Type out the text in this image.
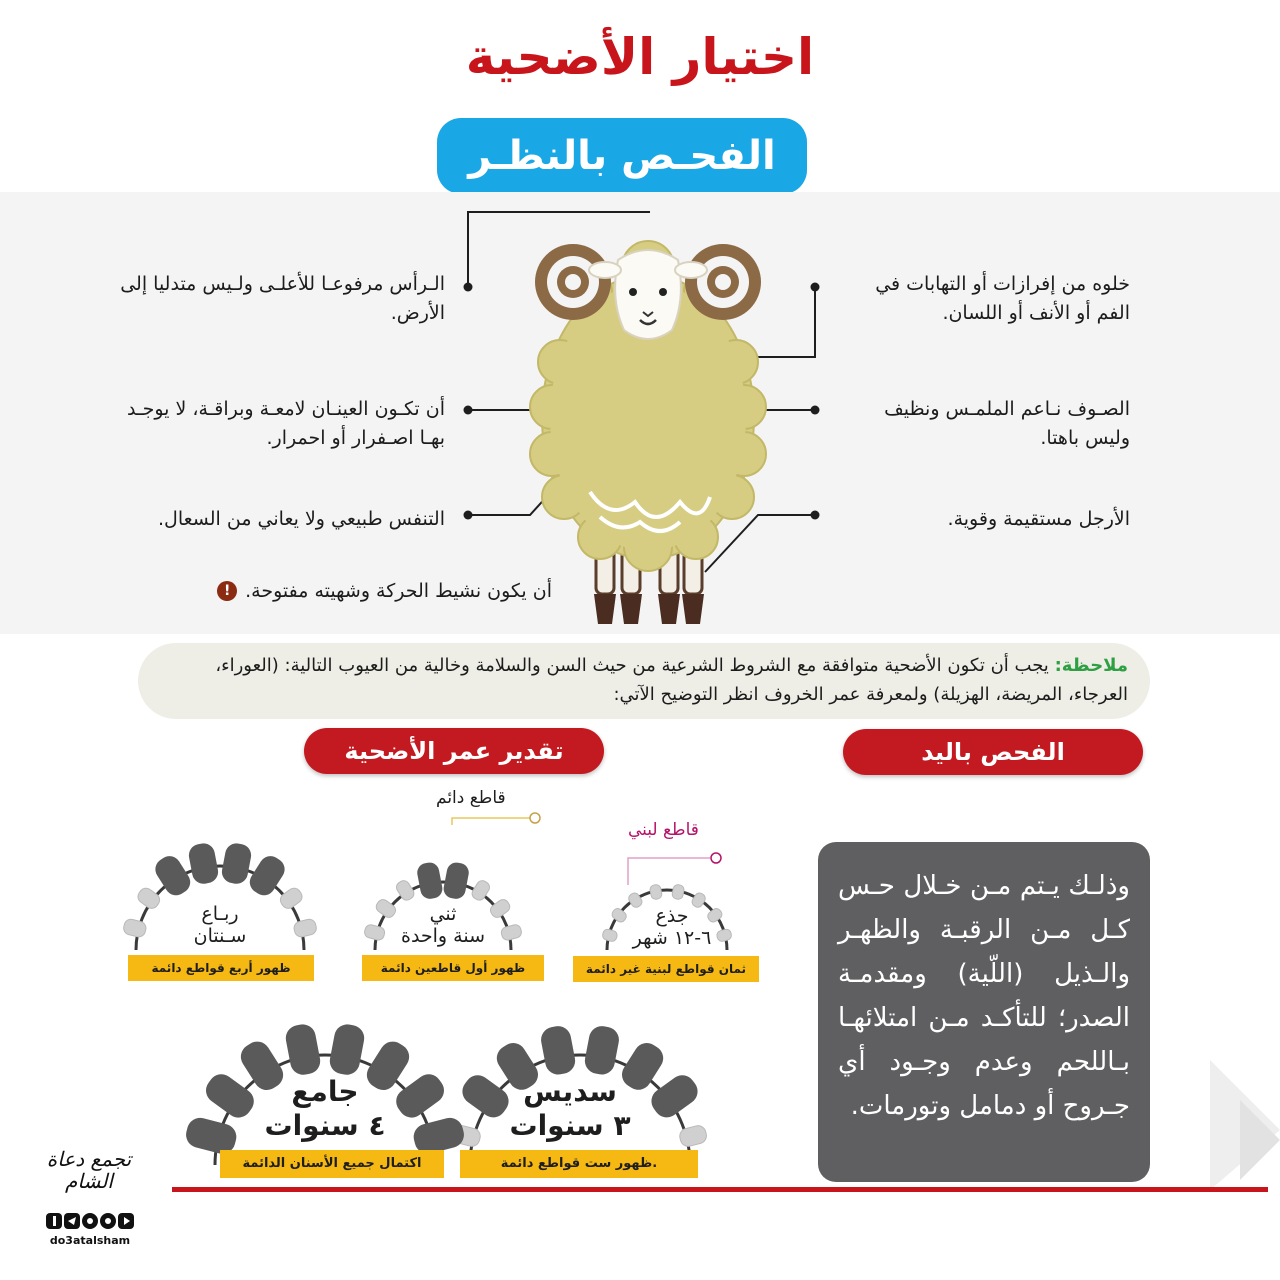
اختيار الأضحية
الفحـص بالنظـر
خلوه من إفرازات أو التهابات في الفم أو الأنف أو اللسان.
الصـوف نـاعم الملمـس ونظيف وليس باهتا.
الأرجل مستقيمة وقوية.
الـرأس مرفوعـا للأعلـى ولـيس متدليا إلى الأرض.
أن تكـون العينـان لامعـة وبراقـة، لا يوجـد بهـا اصـفرار أو احمرار.
التنفس طبيعي ولا يعاني من السعال.
! أن يكون نشيط الحركة وشهيته مفتوحة.
ملاحظة: يجب أن تكون الأضحية متوافقة مع الشروط الشرعية من حيث السن والسلامة وخالية من العيوب التالية: (العوراء، العرجاء، المريضة، الهزيلة) ولمعرفة عمر الخروف انظر التوضيح الآتي:
الفحص باليد
تقدير عمر الأضحية
وذلـك يـتم مـن خـلال حـس كـل مـن الرقبـة والظهـر والـذيل (اللّية) ومقدمـة الصدر؛ للتأكـد مـن امتلائهـا بـاللحم وعدم وجـود أي جـروح أو دمامل وتورمات.
قاطع دائم
قاطع لبني
جذع
٦-١٢ شهر
ثني
سنة واحدة
ربـاع
سـنتان
سديس
٣ سنوات
جامع
٤ سنوات
ثمان قواطع لبنية غير دائمة
ظهور أول قاطعين دائمة
ظهور أربع قواطع دائمة
ظهور ست قواطع دائمة.
اكتمال جميع الأسنان الدائمة
تجمع دعاة الشام
do3atalsham
